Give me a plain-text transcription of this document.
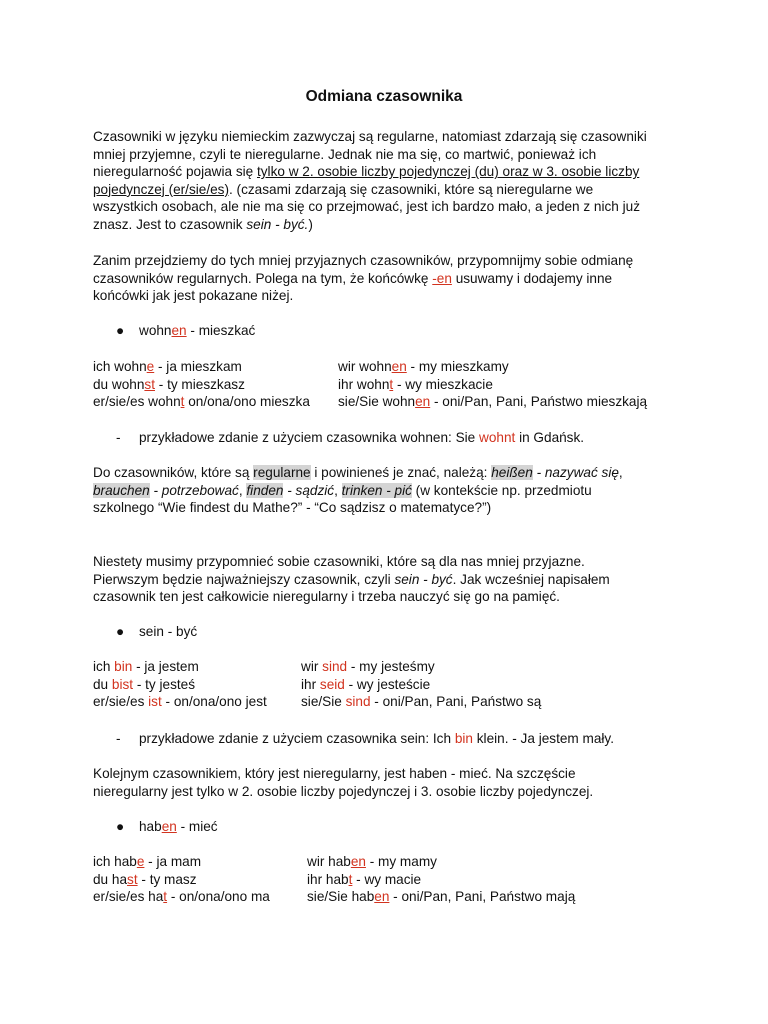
Odmiana czasownika
Czasowniki w języku niemieckim zazwyczaj są regularne, natomiast zdarzają się czasowniki
mniej przyjemne, czyli te nieregularne. Jednak nie ma się, co martwić, ponieważ ich
nieregularność pojawia się tylko w 2. osobie liczby pojedynczej (du) oraz w 3. osobie liczby
pojedynczej (er/sie/es). (czasami zdarzają się czasowniki, które są nieregularne we
wszystkich osobach, ale nie ma się co przejmować, jest ich bardzo mało, a jeden z nich już
znasz. Jest to czasownik sein - być.)
Zanim przejdziemy do tych mniej przyjaznych czasowników, przypomnijmy sobie odmianę
czasowników regularnych. Polega na tym, że końcówkę -en usuwamy i dodajemy inne
końcówki jak jest pokazane niżej.
● wohnen - mieszkać
ich wohne - ja mieszkam
du wohnst - ty mieszkasz
er/sie/es wohnt on/ona/ono mieszka
wir wohnen - my mieszkamy
ihr wohnt - wy mieszkacie
sie/Sie wohnen - oni/Pan, Pani, Państwo mieszkają
- przykładowe zdanie z użyciem czasownika wohnen: Sie wohnt in Gdańsk.
Do czasowników, które są regularne i powinieneś je znać, należą: heißen - nazywać się,
brauchen - potrzebować, finden - sądzić, trinken - pić (w kontekście np. przedmiotu
szkolnego “Wie findest du Mathe?” - “Co sądzisz o matematyce?”)
Niestety musimy przypomnieć sobie czasowniki, które są dla nas mniej przyjazne.
Pierwszym będzie najważniejszy czasownik, czyli sein - być. Jak wcześniej napisałem
czasownik ten jest całkowicie nieregularny i trzeba nauczyć się go na pamięć.
● sein - być
ich bin - ja jestem
du bist - ty jesteś
er/sie/es ist - on/ona/ono jest
wir sind - my jesteśmy
ihr seid - wy jesteście
sie/Sie sind - oni/Pan, Pani, Państwo są
- przykładowe zdanie z użyciem czasownika sein: Ich bin klein. - Ja jestem mały.
Kolejnym czasownikiem, który jest nieregularny, jest haben - mieć. Na szczęście
nieregularny jest tylko w 2. osobie liczby pojedynczej i 3. osobie liczby pojedynczej.
● haben - mieć
ich habe - ja mam
du hast - ty masz
er/sie/es hat - on/ona/ono ma
wir haben - my mamy
ihr habt - wy macie
sie/Sie haben - oni/Pan, Pani, Państwo mają
